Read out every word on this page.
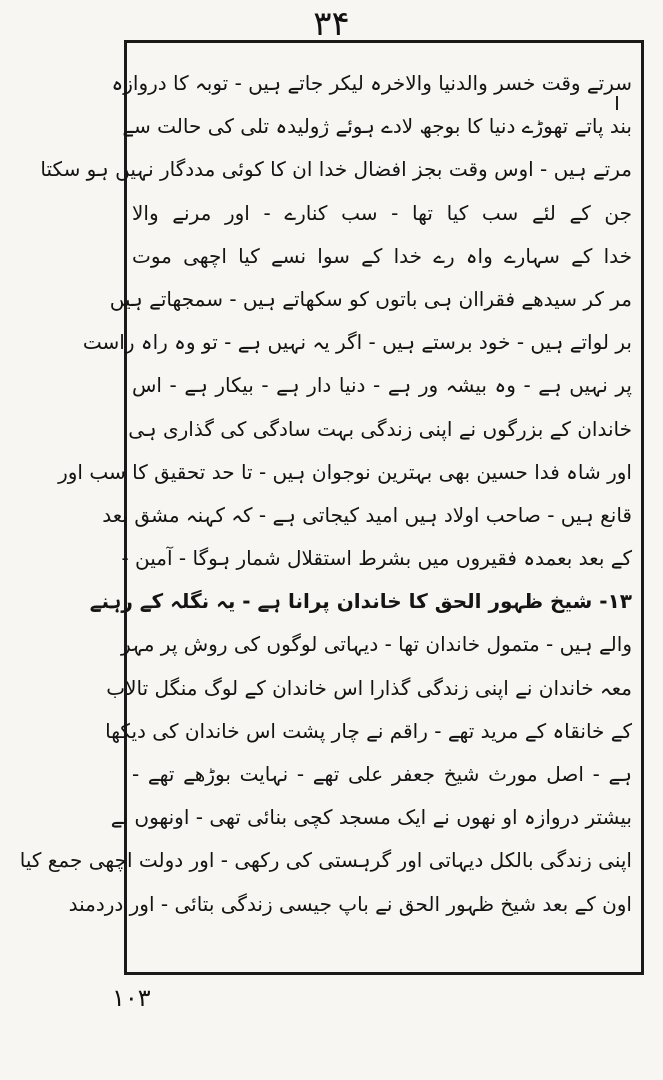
۳۴
سرتے وقت خسر والدنیا والاخرہ لیکر جاتے ہیں - توبہ کا دروازہ
بند پاتے تھوڑے دنیا کا بوجھ لادے ہوئے ژولیدہ تلی کی حالت سے
مرتے ہیں - اوس وقت بجز افضال خدا ان کا کوئی مددگار نہیں ہو سکتا
جن کے لئے سب کیا تھا - سب کنارے - اور مرنے والا
خدا کے سہارے واہ رے خدا کے سوا نسے کیا اچھی موت
مر کر سیدھے فقراان ہی باتوں کو سکھاتے ہیں - سمجھاتے ہیں
بر لواتے ہیں - خود برستے ہیں - اگر یہ نہیں ہے - تو وہ راہ راست
پر نہیں ہے - وہ بیشہ ور ہے - دنیا دار ہے - بیکار ہے - اس
خاندان کے بزرگوں نے اپنی زندگی بہت سادگی کی گذاری ہی
اور شاہ فدا حسین بھی بہترین نوجوان ہیں - تا حد تحقیق کا سب اور
قانع ہیں - صاحب اولاد ہیں امید کیجاتی ہے - کہ کہنہ مشق بعد
کے بعد بعمدہ فقیروں میں بشرط استقلال شمار ہوگا - آمین -
۱۳- شیخ ظہور الحق کا خاندان پرانا ہے - یہ نگلہ کے رہنے
والے ہیں - متمول خاندان تھا - دیہاتی لوگوں کی روش پر مہر
معہ خاندان نے اپنی زندگی گذارا اس خاندان کے لوگ منگل تالاب
کے خانقاہ کے مرید تھے - راقم نے چار پشت اس خاندان کی دیکھا
ہے - اصل مورث شیخ جعفر علی تھے - نہایت بوڑھے تھے -
بیشتر دروازہ او نھوں نے ایک مسجد کچی بنائی تھی - اونھوں نے
اپنی زندگی بالکل دیہاتی اور گرہستی کی رکھی - اور دولت اچھی جمع کیا
اون کے بعد شیخ ظہور الحق نے باپ جیسی زندگی بتائی - اور دردمند
۱۰۳
